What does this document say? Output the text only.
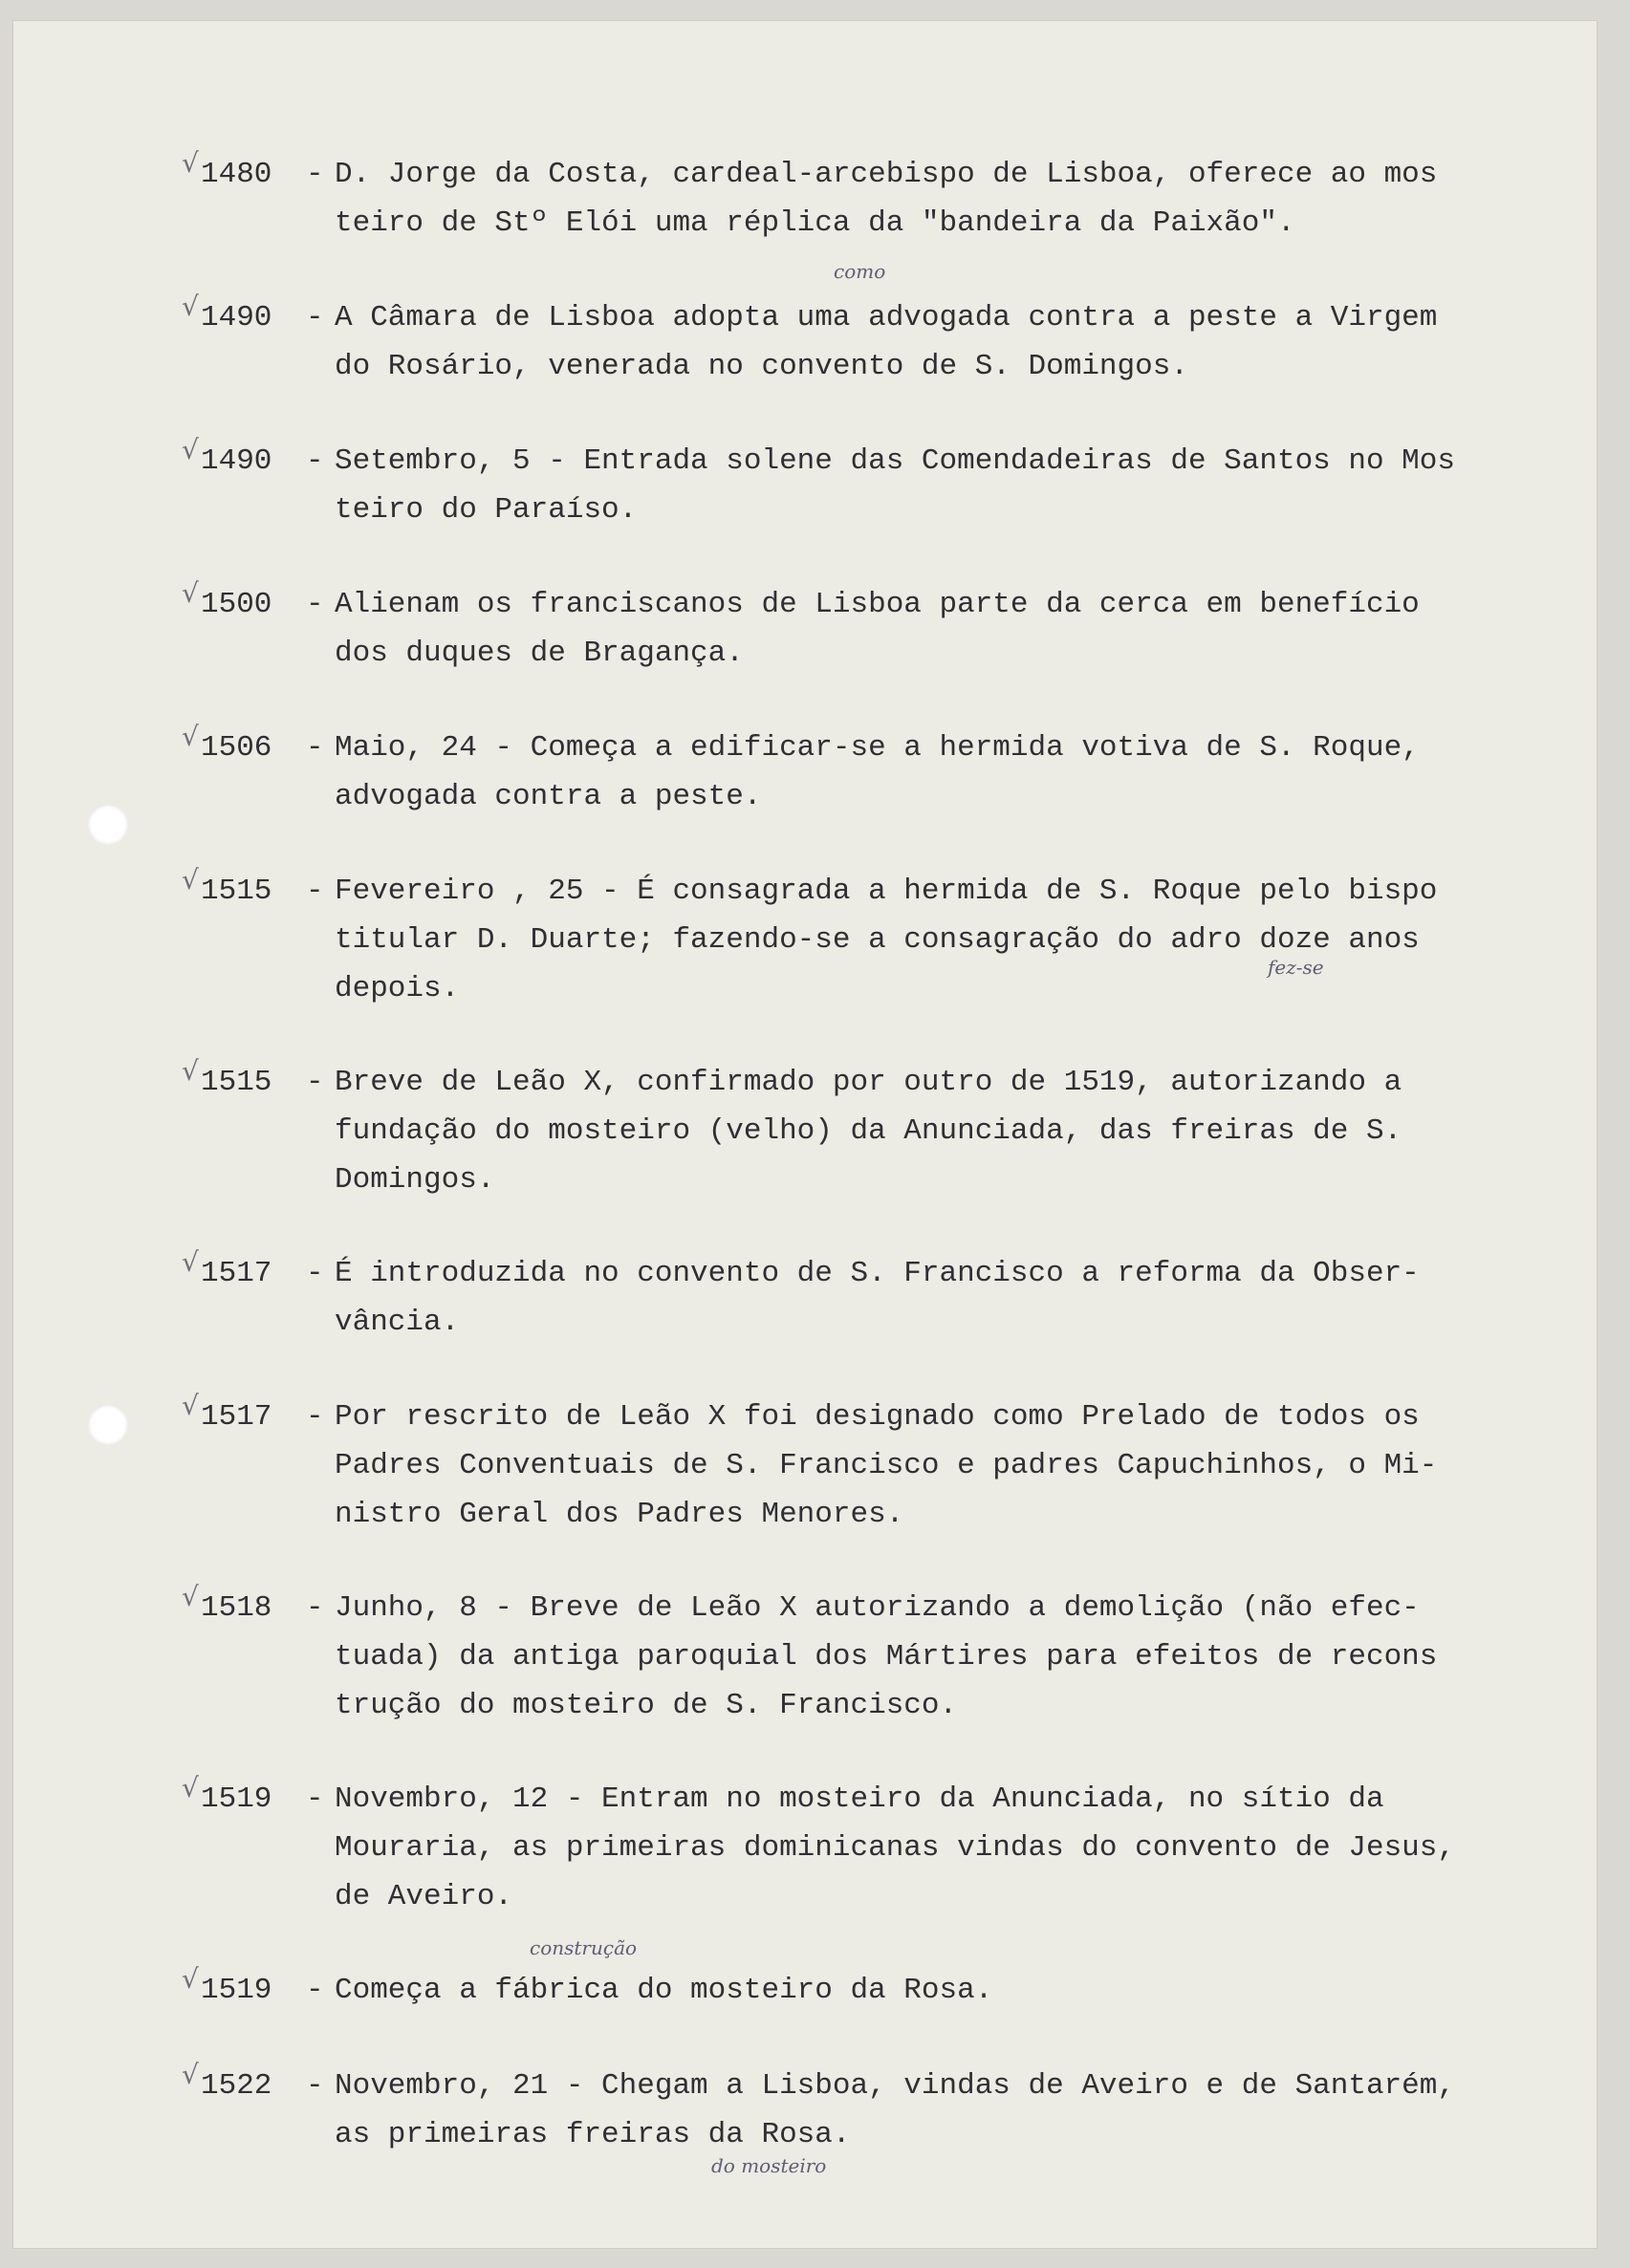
√ 1480	- D. Jorge da Costa, cardeal-arcebispo de Lisboa, oferece ao mos
teiro de Stº Elói uma réplica da "bandeira da Paixão".
√ 1490	- A Câmara de Lisboa adopta uma advogada contra a peste a Virgem
do Rosário, venerada no convento de S. Domingos.
√ 1490	- Setembro, 5 - Entrada solene das Comendadeiras de Santos no Mos
teiro do Paraíso.
√ 1500	- Alienam os franciscanos de Lisboa parte da cerca em benefício
dos duques de Bragança.
√ 1506	- Maio, 24 - Começa a edificar-se a hermida votiva de S. Roque,
advogada contra a peste.
√ 1515	- Fevereiro , 25 - É consagrada a hermida de S. Roque pelo bispo
titular D. Duarte; fazendo-se a consagração do adro doze anos
depois.
√ 1515	- Breve de Leão X, confirmado por outro de 1519, autorizando a
fundação do mosteiro (velho) da Anunciada, das freiras de S.
Domingos.
√ 1517	- É introduzida no convento de S. Francisco a reforma da Obser-
vância.
√ 1517	- Por rescrito de Leão X foi designado como Prelado de todos os
Padres Conventuais de S. Francisco e padres Capuchinhos, o Mi-
nistro Geral dos Padres Menores.
√ 1518	- Junho, 8 - Breve de Leão X autorizando a demolição (não efec-
tuada) da antiga paroquial dos Mártires para efeitos de recons
trução do mosteiro de S. Francisco.
√ 1519	- Novembro, 12 - Entram no mosteiro da Anunciada, no sítio da
Mouraria, as primeiras dominicanas vindas do convento de Jesus,
de Aveiro.
√ 1519	- Começa a fábrica do mosteiro da Rosa.
√ 1522	- Novembro, 21 - Chegam a Lisboa, vindas de Aveiro e de Santarém,
as primeiras freiras da Rosa.
como
fez-se
construção
do mosteiro
